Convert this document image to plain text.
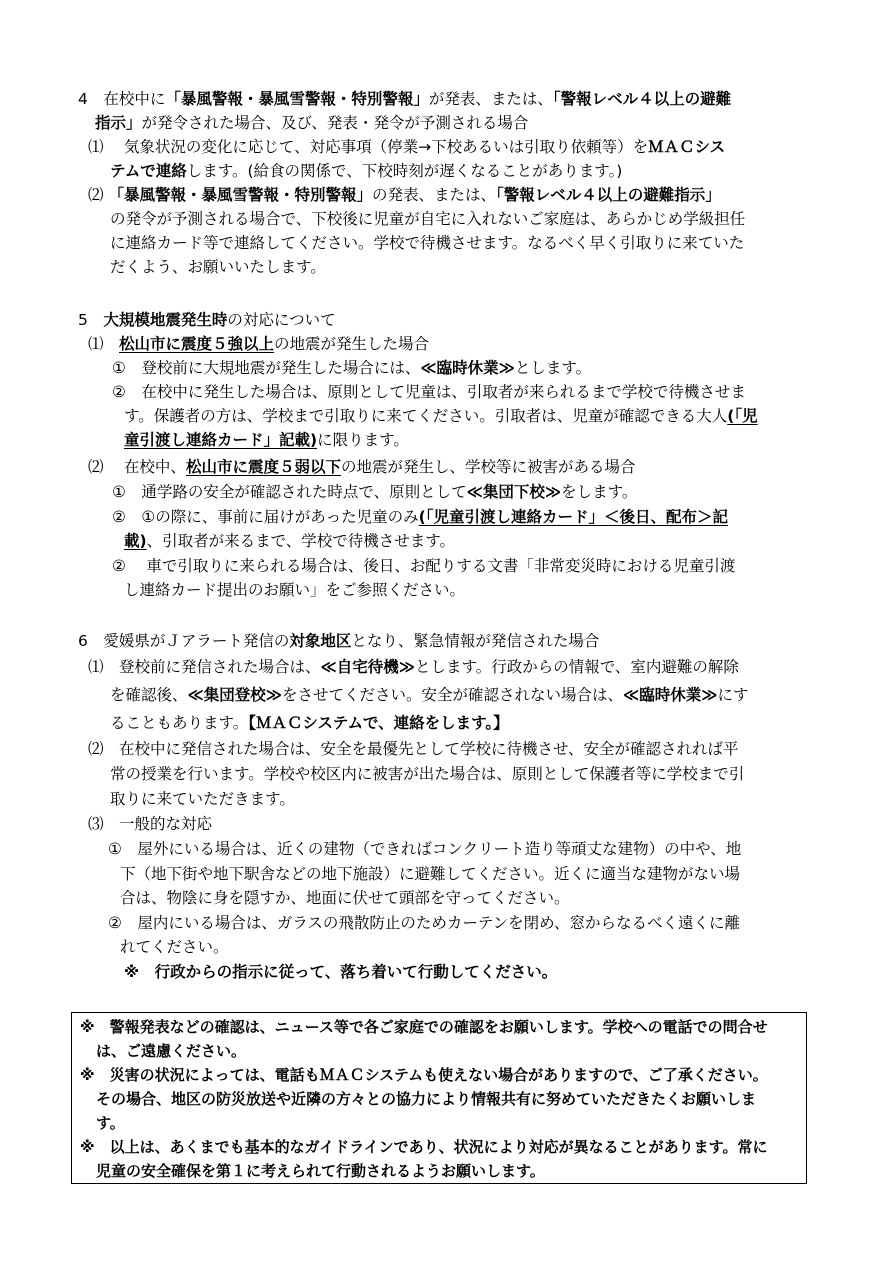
4　在校中に「暴風警報・暴風雪警報・特別警報」が発表、または、「警報レベル４以上の避難
指示」が発令された場合、及び、発表・発令が予測される場合
⑴　 気象状況の変化に応じて、対応事項（停業→下校あるいは引取り依頼等）をＭＡＣシス
テムで連絡します。(給食の関係で、下校時刻が遅くなることがあります。)
⑵ 「暴風警報・暴風雪警報・特別警報」の発表、または、「警報レベル４以上の避難指示」
の発令が予測される場合で、下校後に児童が自宅に入れないご家庭は、あらかじめ学級担任
に連絡カード等で連絡してください。学校で待機させます。なるべく早く引取りに来ていた
だくよう、お願いいたします。
5　大規模地震発生時の対応について
⑴　松山市に震度５強以上の地震が発生した場合
①　登校前に大規地震が発生した場合には、≪臨時休業≫とします。
②　在校中に発生した場合は、原則として児童は、引取者が来られるまで学校で待機させま
す。保護者の方は、学校まで引取りに来てください。引取者は、児童が確認できる大人(「児
童引渡し連絡カード」記載)に限ります。
⑵　 在校中、松山市に震度５弱以下の地震が発生し、学校等に被害がある場合
①　通学路の安全が確認された時点で、原則として≪集団下校≫をします。
②　①の際に、事前に届けがあった児童のみ(「児童引渡し連絡カード」＜後日、配布＞記
載)、引取者が来るまで、学校で待機させます。
②　 車で引取りに来られる場合は、後日、お配りする文書「非常変災時における児童引渡
し連絡カード提出のお願い」をご参照ください。
6　愛媛県がＪアラート発信の対象地区となり、緊急情報が発信された場合
⑴　登校前に発信された場合は、≪自宅待機≫とします。行政からの情報で、室内避難の解除
を確認後、≪集団登校≫をさせてください。安全が確認されない場合は、≪臨時休業≫にす
ることもあります。【ＭＡＣシステムで、連絡をします。】
⑵　在校中に発信された場合は、安全を最優先として学校に待機させ、安全が確認されれば平
常の授業を行います。学校や校区内に被害が出た場合は、原則として保護者等に学校まで引
取りに来ていただきます。
⑶　一般的な対応
①　屋外にいる場合は、近くの建物（できればコンクリート造り等頑丈な建物）の中や、地
下（地下街や地下駅舎などの地下施設）に避難してください。近くに適当な建物がない場
合は、物陰に身を隠すか、地面に伏せて頭部を守ってください。
②　屋内にいる場合は、ガラスの飛散防止のためカーテンを閉め、窓からなるべく遠くに離
れてください。
※　行政からの指示に従って、落ち着いて行動してください。
※　警報発表などの確認は、ニュース等で各ご家庭での確認をお願いします。学校への電話での問合せ
は、ご遠慮ください。
※　災害の状況によっては、電話もＭＡＣシステムも使えない場合がありますので、ご了承ください。
その場合、地区の防災放送や近隣の方々との協力により情報共有に努めていただきたくお願いしま
す。
※　以上は、あくまでも基本的なガイドラインであり、状況により対応が異なることがあります。常に
児童の安全確保を第１に考えられて行動されるようお願いします。
